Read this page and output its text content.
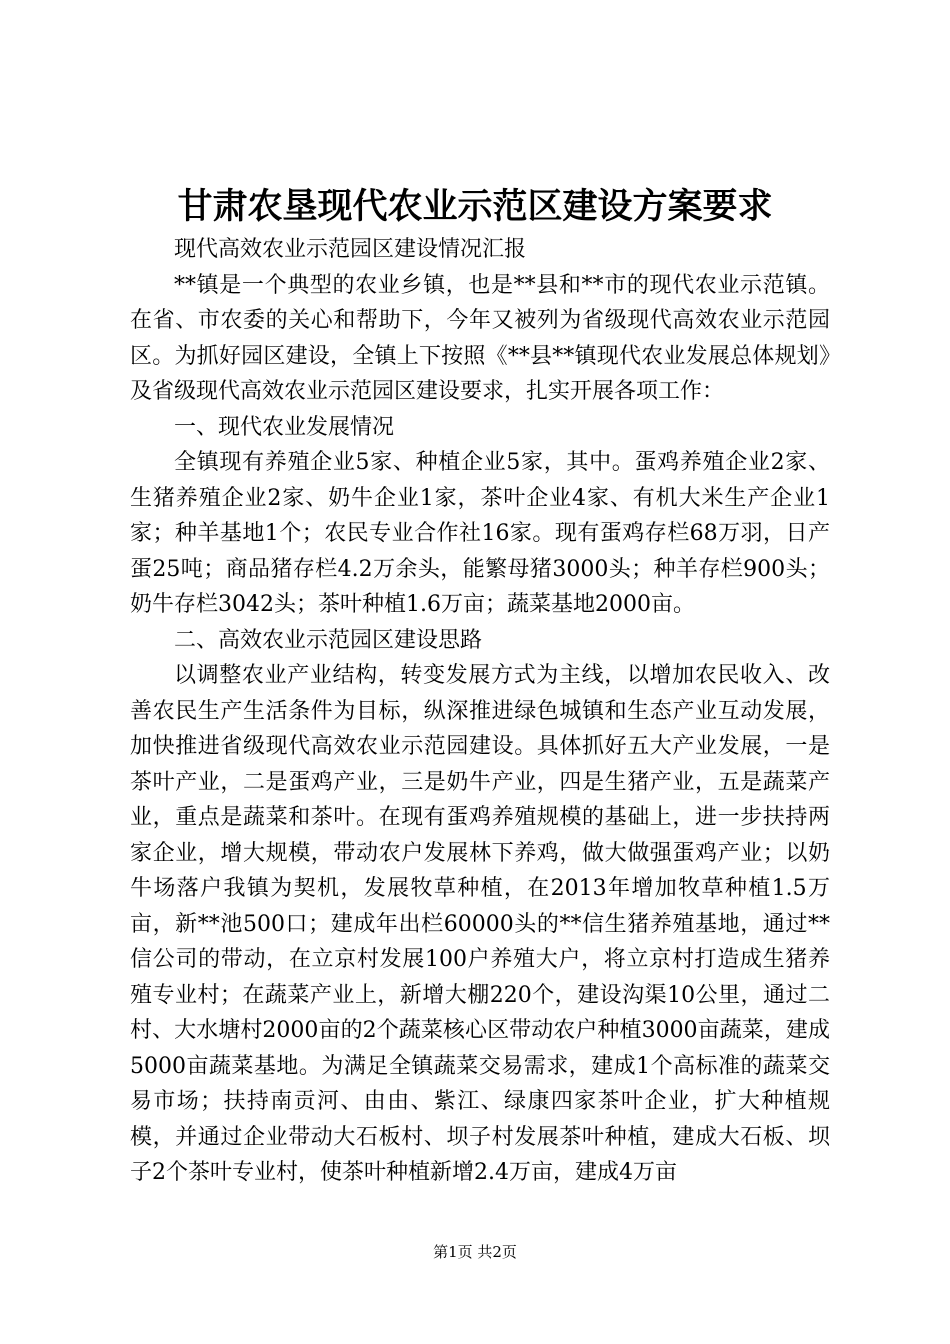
甘肃农垦现代农业示范区建设方案要求

现代高效农业示范园区建设情况汇报

**镇是一个典型的农业乡镇，也是**县和**市的现代农业示范镇。在省、市农委的关心和帮助下，今年又被列为省级现代高效农业示范园区。为抓好园区建设，全镇上下按照《**县**镇现代农业发展总体规划》及省级现代高效农业示范园区建设要求，扎实开展各项工作：

一、现代农业发展情况

全镇现有养殖企业5家、种植企业5家，其中。蛋鸡养殖企业2家、生猪养殖企业2家、奶牛企业1家，茶叶企业4家、有机大米生产企业1家；种羊基地1个；农民专业合作社16家。现有蛋鸡存栏68万羽，日产蛋25吨；商品猪存栏4.2万余头，能繁母猪3000头；种羊存栏900头；奶牛存栏3042头；茶叶种植1.6万亩；蔬菜基地2000亩。

二、高效农业示范园区建设思路

以调整农业产业结构，转变发展方式为主线，以增加农民收入、改善农民生产生活条件为目标，纵深推进绿色城镇和生态产业互动发展，加快推进省级现代高效农业示范园建设。具体抓好五大产业发展，一是茶叶产业，二是蛋鸡产业，三是奶牛产业，四是生猪产业，五是蔬菜产业，重点是蔬菜和茶叶。在现有蛋鸡养殖规模的基础上，进一步扶持两家企业，增大规模，带动农户发展林下养鸡，做大做强蛋鸡产业；以奶牛场落户我镇为契机，发展牧草种植，在2013年增加牧草种植1.5万亩，新**池500口；建成年出栏60000头的**信生猪养殖基地，通过**信公司的带动，在立京村发展100户养殖大户，将立京村打造成生猪养殖专业村；在蔬菜产业上，新增大棚220个，建设沟渠10公里，通过二村、大水塘村2000亩的2个蔬菜核心区带动农户种植3000亩蔬菜，建成5000亩蔬菜基地。为满足全镇蔬菜交易需求，建成1个高标准的蔬菜交易市场；扶持南贡河、由由、紫江、绿康四家茶叶企业，扩大种植规模，并通过企业带动大石板村、坝子村发展茶叶种植，建成大石板、坝子2个茶叶专业村，使茶叶种植新增2.4万亩，建成4万亩

第1页 共2页
